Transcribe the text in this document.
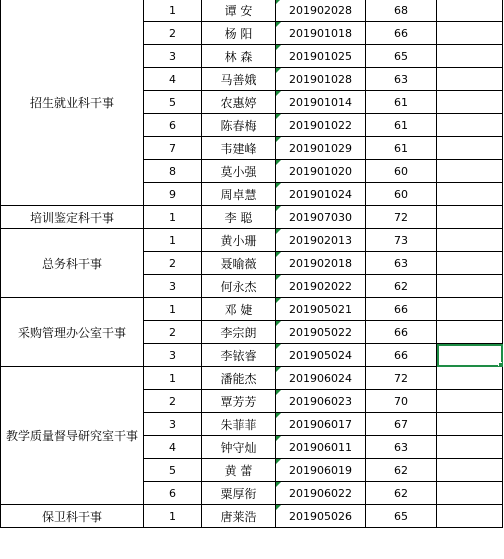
招生就业科干事	1	谭 安	201902028	68	
	2	杨 阳	201901018	66	
	3	林 森	201901025	65	
	4	马善娥	201901028	63	
	5	农惠婷	201901014	61	
	6	陈春梅	201901022	61	
	7	韦建峰	201901029	61	
	8	莫小强	201901020	60	
	9	周卓慧	201901024	60	
培训鉴定科干事	1	李 聪	201907030	72	
总务科干事	1	黄小珊	201902013	73	
	2	聂喻薇	201902018	63	
	3	何永杰	201902022	62	
采购管理办公室干事	1	邓 婕	201905021	66	
	2	李宗朗	201905022	66	
	3	李铱睿	201905024	66	

教学质量督导研究室干事	1	潘能杰	201906024	72	
	2	覃芳芳	201906023	70	
	3	朱菲菲	201906017	67	
	4	钟守灿	201906011	63	
	5	黄 蕾	201906019	62	
	6	粟厚衔	201906022	62	
保卫科干事	1	唐莱浩	201905026	65	
